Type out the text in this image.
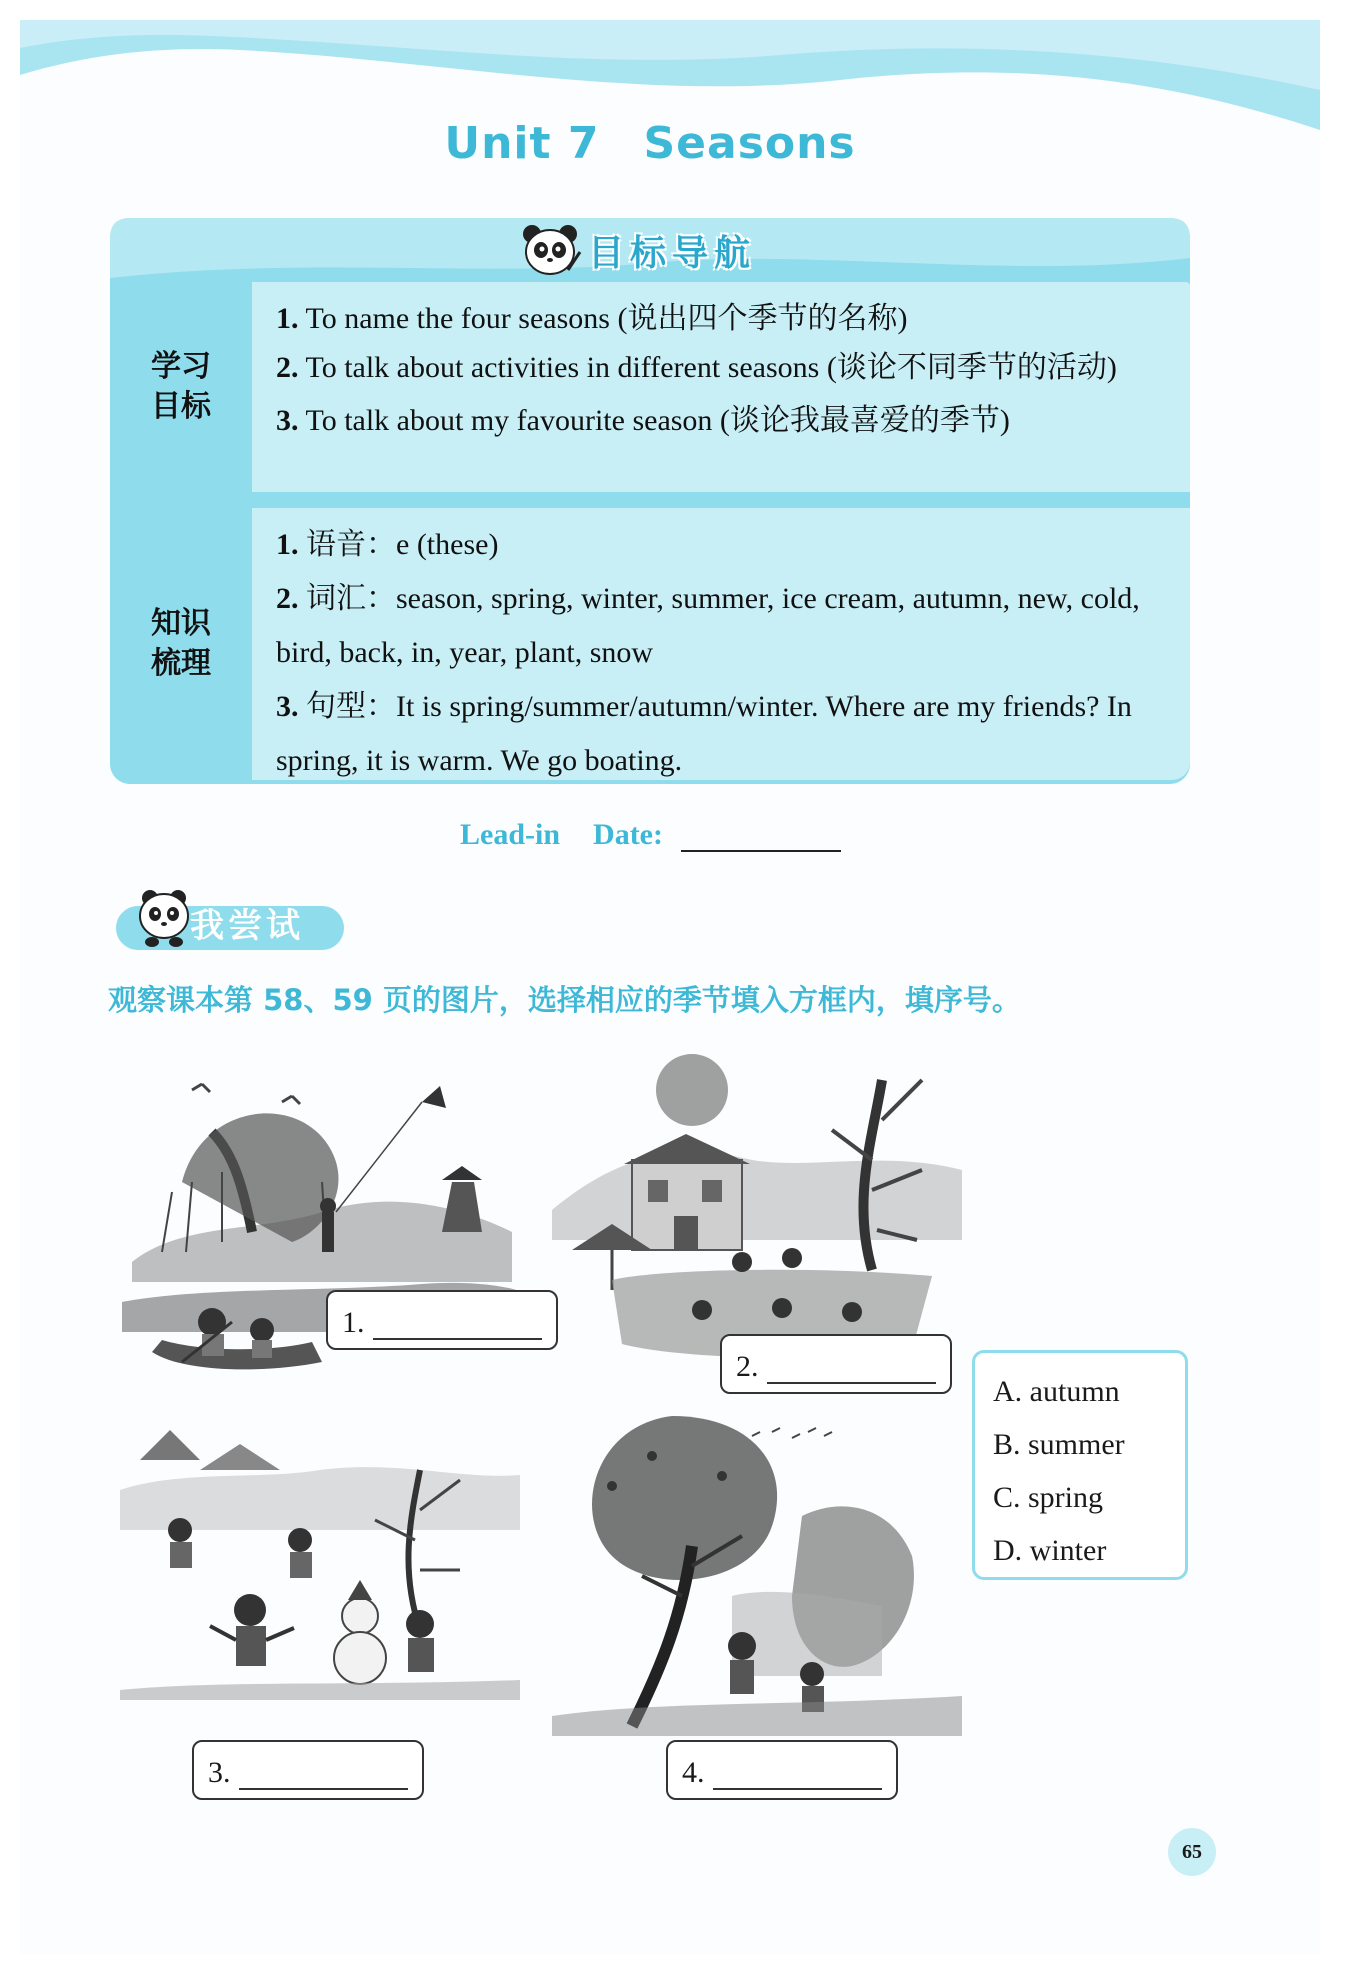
Unit 7 Seasons
目标导航
学习目标
1. To name the four seasons (说出四个季节的名称)
2. To talk about activities in different seasons (谈论不同季节的活动)
3. To talk about my favourite season (谈论我最喜爱的季节)
知识梳理
1. 语音：e (these)
2. 词汇：season, spring, winter, summer, ice cream, autumn, new, cold, bird, back, in, year, plant, snow
3. 句型：It is spring/summer/autumn/winter. Where are my friends? In spring, it is warm. We go boating.
Lead-in Date:
我尝试
观察课本第 58、59 页的图片，选择相应的季节填入方框内，填序号。
1.
2.
A. autumn
B. summer
C. spring
D. winter
3.	4.
65
